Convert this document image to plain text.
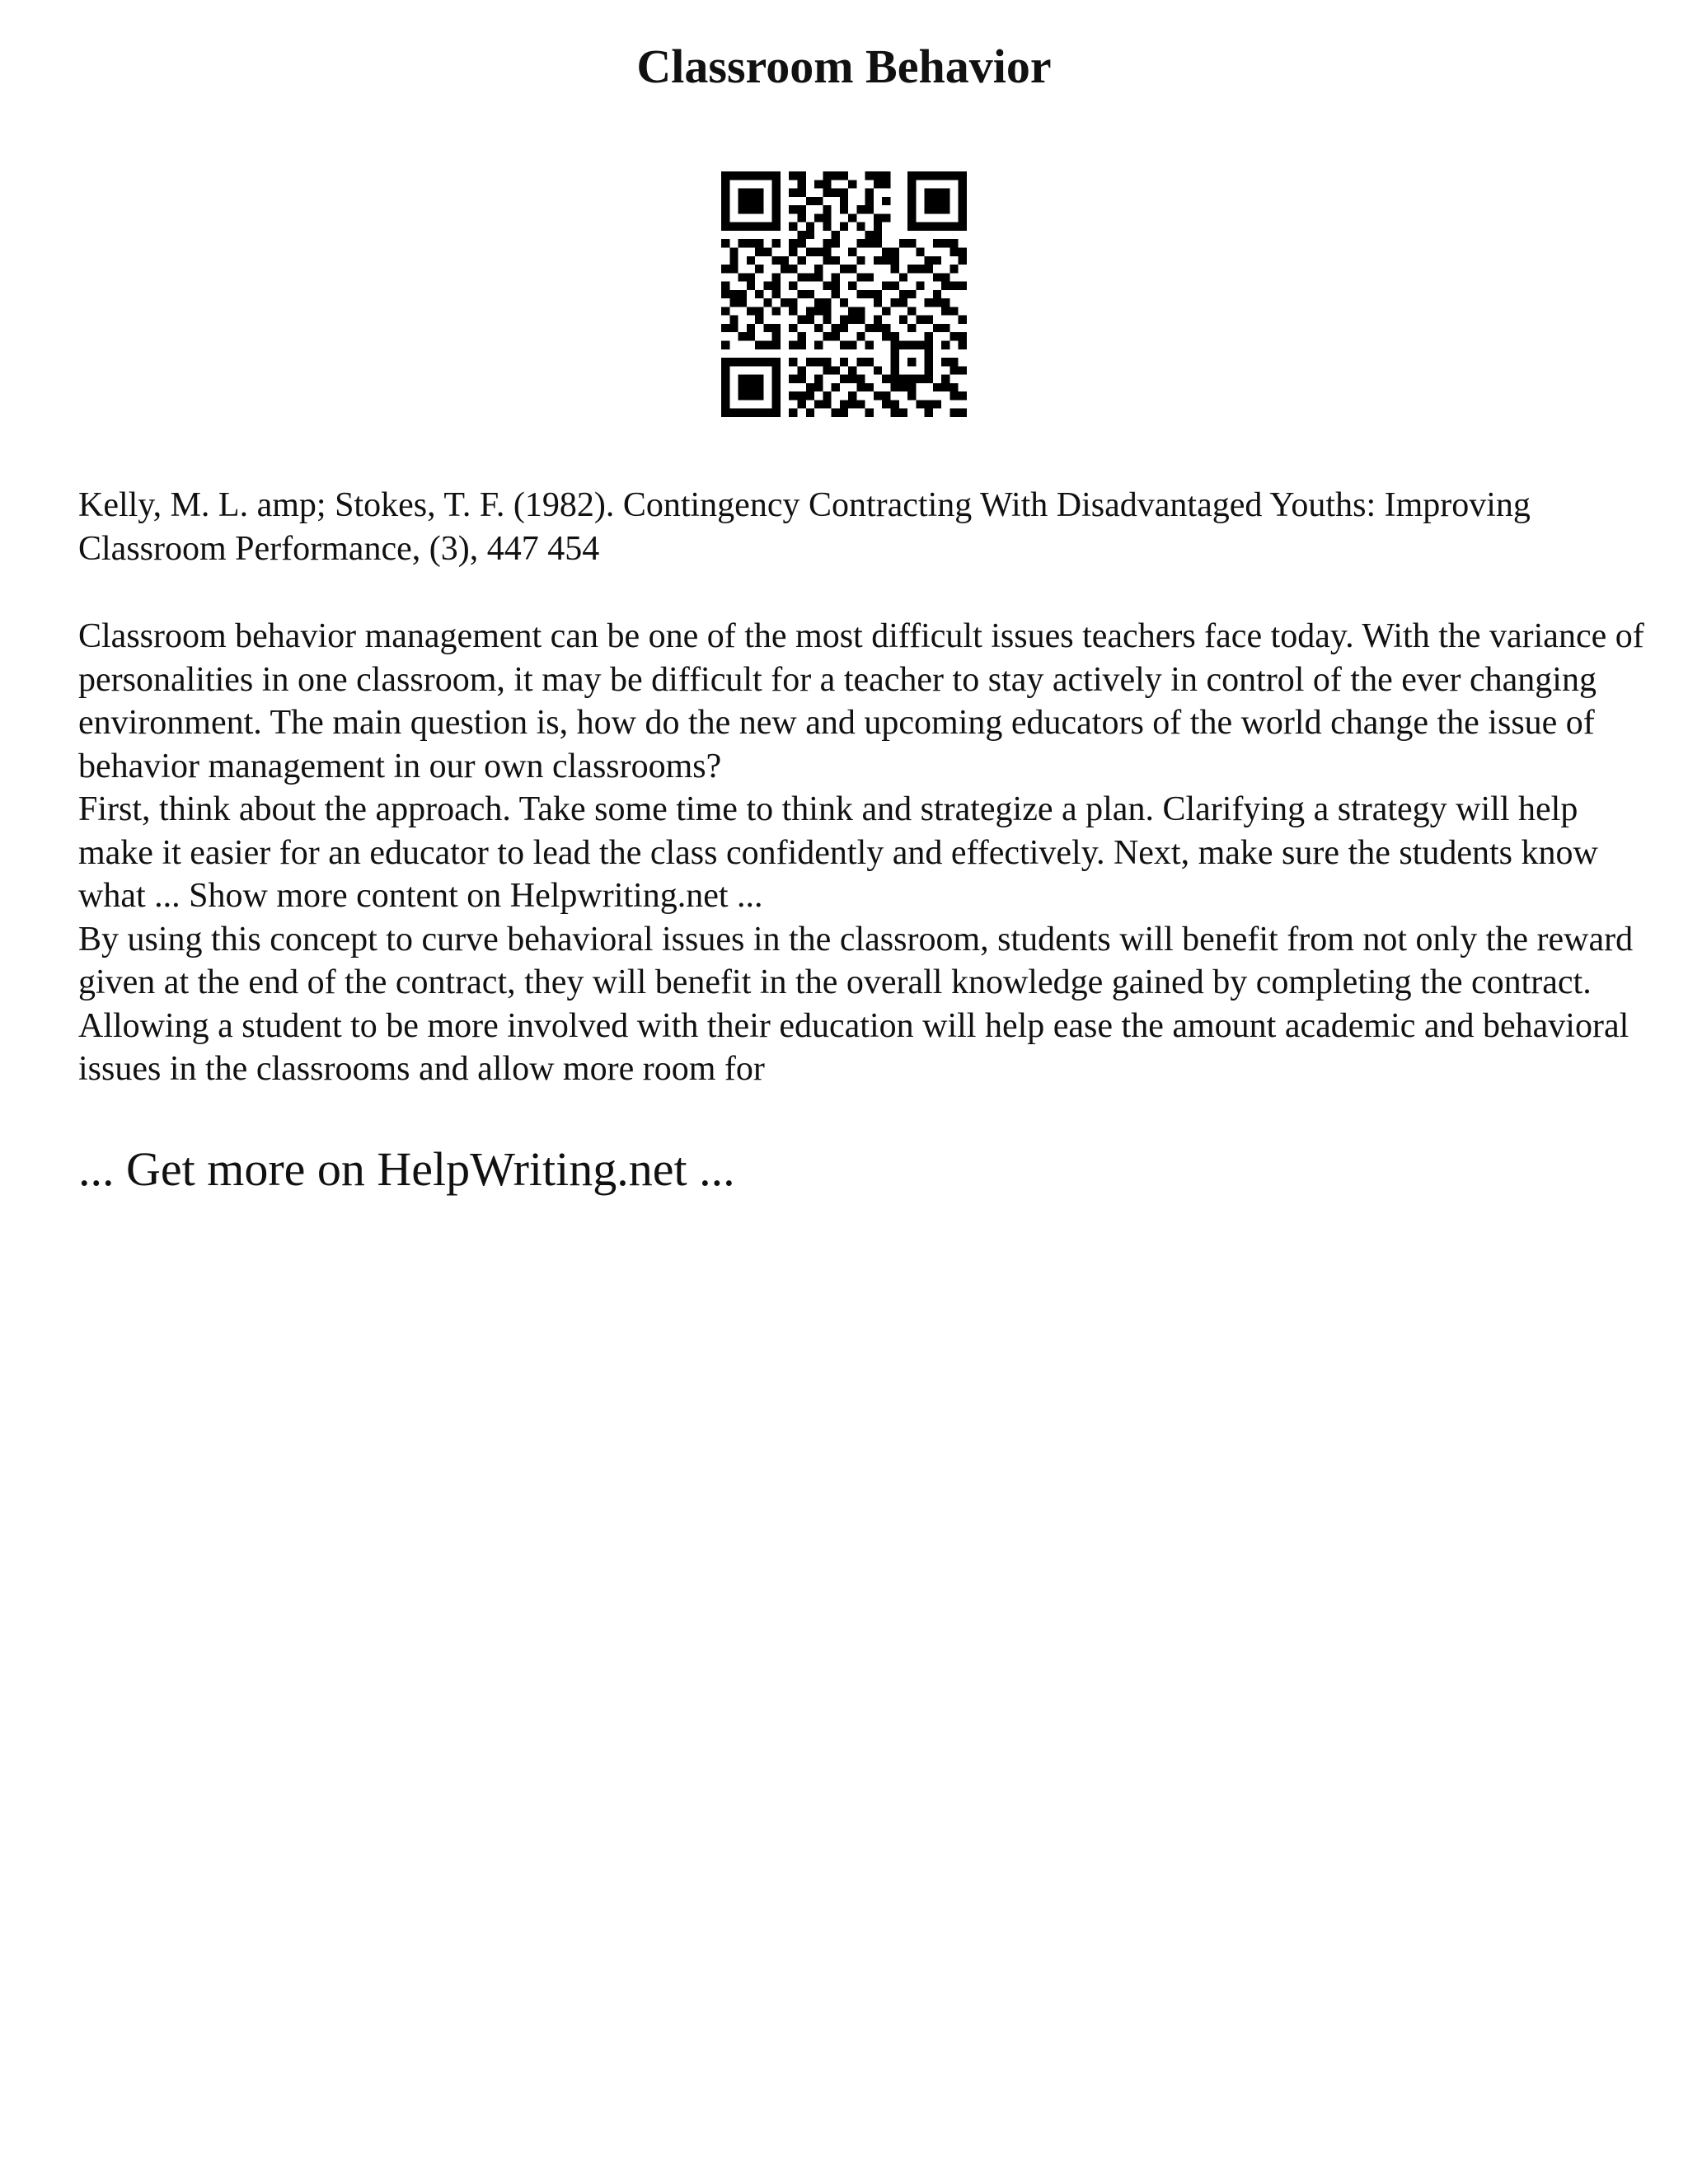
Classroom Behavior

Kelly, M. L. amp; Stokes, T. F. (1982). Contingency Contracting With Disadvantaged Youths: Improving Classroom Performance, (3), 447 454

Classroom behavior management can be one of the most difficult issues teachers face today. With the variance of personalities in one classroom, it may be difficult for a teacher to stay actively in control of the ever changing environment. The main question is, how do the new and upcoming educators of the world change the issue of behavior management in our own classrooms?

First, think about the approach. Take some time to think and strategize a plan. Clarifying a strategy will help make it easier for an educator to lead the class confidently and effectively. Next, make sure the students know what ... Show more content on Helpwriting.net ...

By using this concept to curve behavioral issues in the classroom, students will benefit from not only the reward given at the end of the contract, they will benefit in the overall knowledge gained by completing the contract. Allowing a student to be more involved with their education will help ease the amount academic and behavioral issues in the classrooms and allow more room for

... Get more on HelpWriting.net ...
